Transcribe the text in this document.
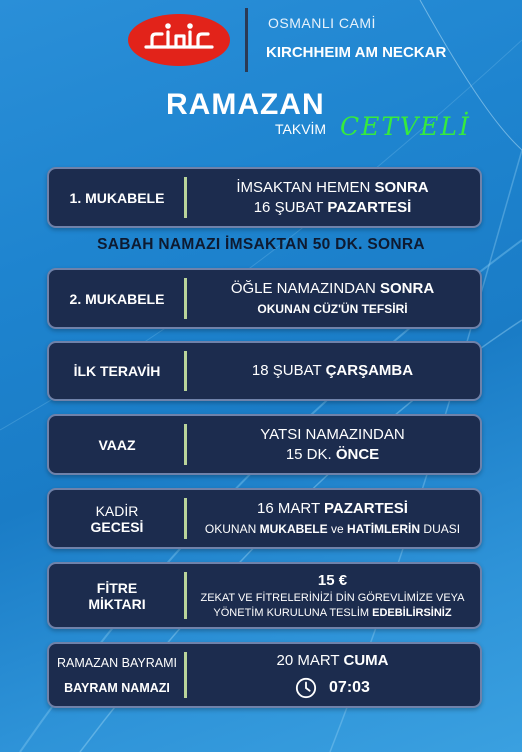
OSMANLI CAMİ
KIRCHHEIM AM NECKAR
RAMAZAN
TAKVİM CETVELİ
1. MUKABELE
İMSAKTAN HEMEN SONRA
16 ŞUBAT PAZARTESİ
SABAH NAMAZI İMSAKTAN 50 DK. SONRA
2. MUKABELE
ÖĞLE NAMAZINDAN SONRA
OKUNAN CÜZ'ÜN TEFSİRİ
İLK TERAVİH	18 ŞUBAT ÇARŞAMBA
VAAZ
YATSI NAMAZINDAN
15 DK. ÖNCE
KADİR
GECESİ
16 MART PAZARTESİ
OKUNAN MUKABELE ve HATİMLERİN DUASI
FİTRE
MİKTARI
15 €
ZEKAT VE FİTRELERİNİZİ DİN GÖREVLİMİZE VEYA
YÖNETİM KURULUNA TESLİM EDEBİLİRSİNİZ
RAMAZAN BAYRAMI
BAYRAM NAMAZI
20 MART CUMA
07:03
